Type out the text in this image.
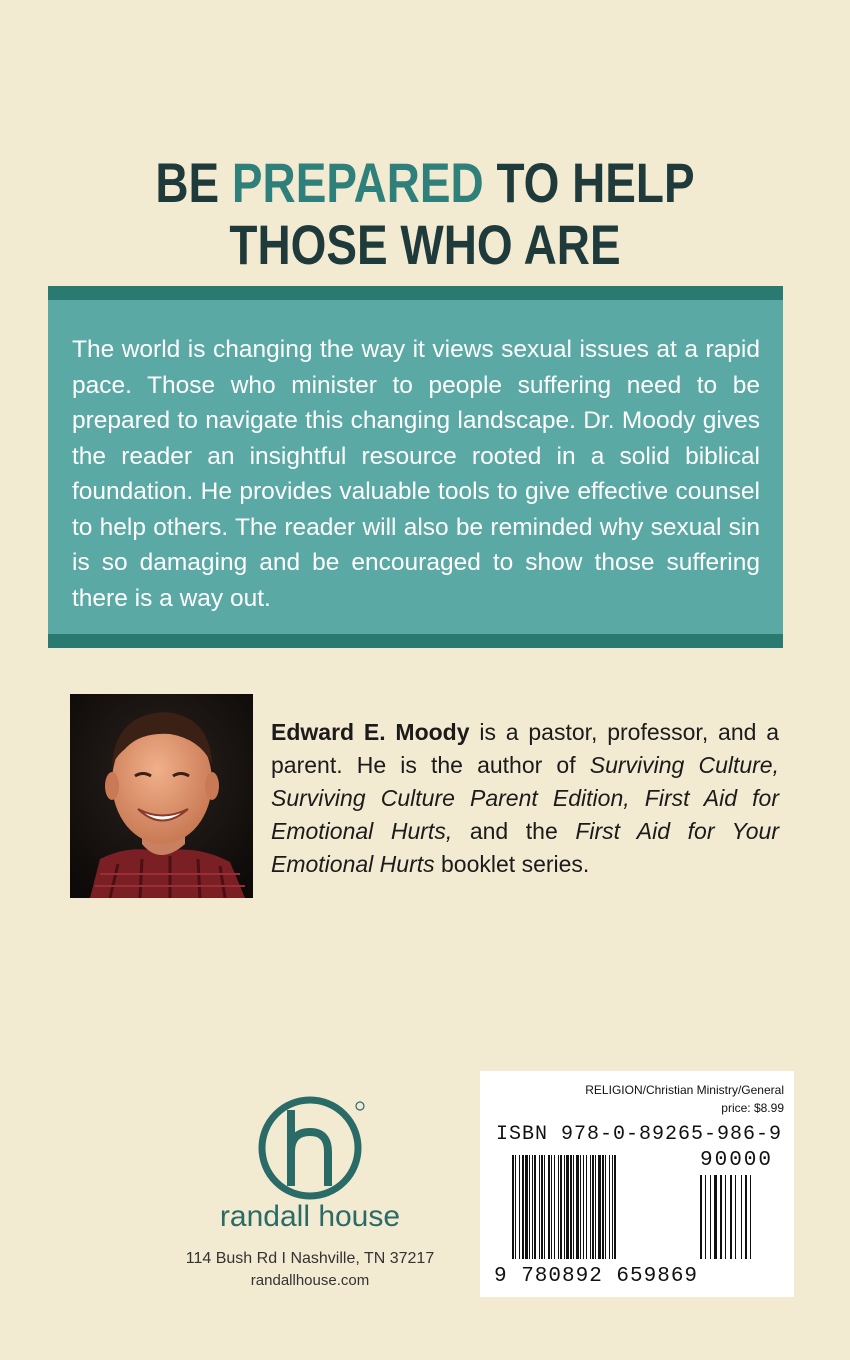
BE PREPARED TO HELP
THOSE WHO ARE
The world is changing the way it views sexual issues at a rapid pace. Those who minister to people suffering need to be prepared to navigate this changing landscape. Dr. Moody gives the reader an insightful resource rooted in a solid biblical foundation. He provides valuable tools to give effective counsel to help others. The reader will also be reminded why sexual sin is so damaging and be encouraged to show those suffering there is a way out.
Edward E. Moody is a pastor, professor, and a parent. He is the author of Surviving Culture, Surviving Culture Parent Edition, First Aid for Emotional Hurts, and the First Aid for Your Emotional Hurts booklet series.
randall house
114 Bush Rd I Nashville, TN 37217
randallhouse.com
RELIGION/Christian Ministry/General
price: $8.99
ISBN 978-0-89265-986-9
90000
9 780892 659869
